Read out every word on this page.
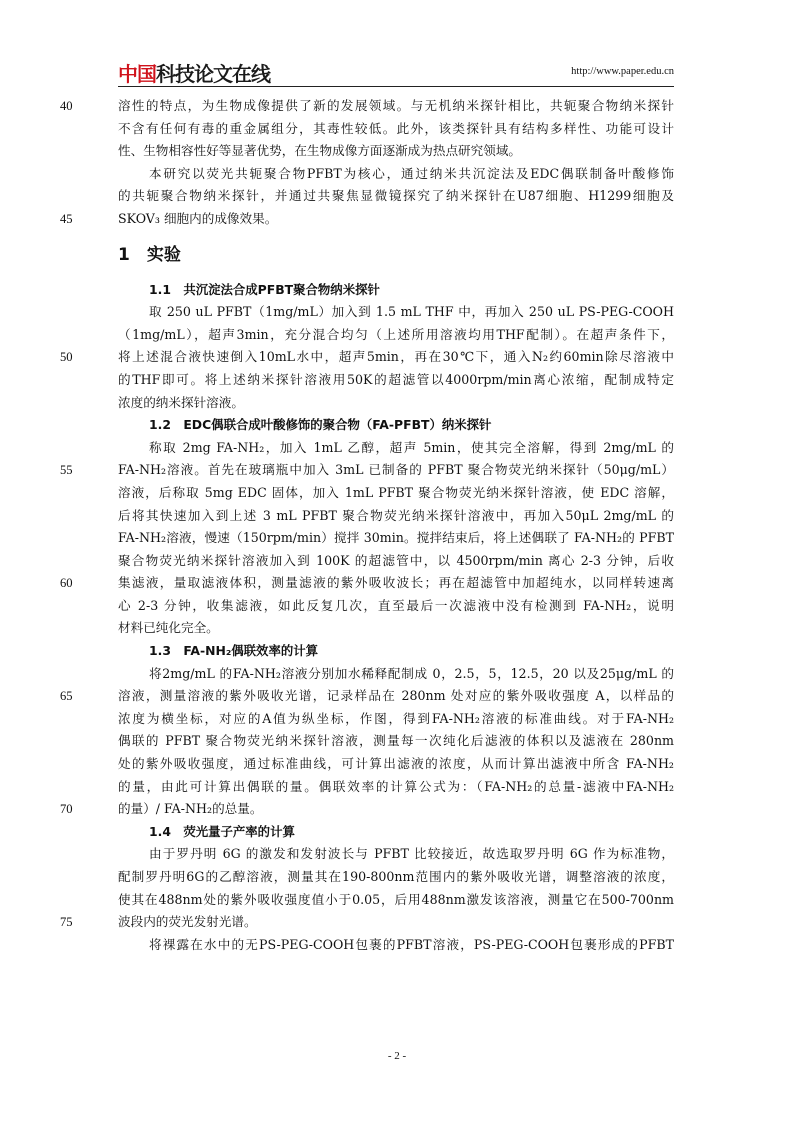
中国科技论文在线	http://www.paper.edu.cn
40	溶性的特点，为生物成像提供了新的发展领域。与无机纳米探针相比，共轭聚合物纳米探针
不含有任何有毒的重金属组分，其毒性较低。此外，该类探针具有结构多样性、功能可设计
性、生物相容性好等显著优势，在生物成像方面逐渐成为热点研究领域。
本研究以荧光共轭聚合物PFBT为核心，通过纳米共沉淀法及EDC偶联制备叶酸修饰
的共轭聚合物纳米探针，并通过共聚焦显微镜探究了纳米探针在U87细胞、H1299细胞及
45	SKOV₃ 细胞内的成像效果。
1　实验
1.1　共沉淀法合成PFBT聚合物纳米探针
取 250 uL PFBT（1mg/mL）加入到 1.5 mL THF 中，再加入 250 uL PS-PEG-COOH
（1mg/mL），超声3min，充分混合均匀（上述所用溶液均用THF配制）。在超声条件下，
50	将上述混合液快速倒入10mL水中，超声5min，再在30℃下，通入N₂约60min除尽溶液中
的THF即可。将上述纳米探针溶液用50K的超滤管以4000rpm/min离心浓缩，配制成特定
浓度的纳米探针溶液。
1.2　EDC偶联合成叶酸修饰的聚合物（FA-PFBT）纳米探针
称取 2mg FA-NH₂，加入 1mL 乙醇，超声 5min，使其完全溶解，得到 2mg/mL 的
55	FA-NH₂溶液。首先在玻璃瓶中加入 3mL 已制备的 PFBT 聚合物荧光纳米探针（50μg/mL）
溶液，后称取 5mg EDC 固体，加入 1mL PFBT 聚合物荧光纳米探针溶液，使 EDC 溶解，
后将其快速加入到上述 3 mL PFBT 聚合物荧光纳米探针溶液中，再加入50μL 2mg/mL 的
FA-NH₂溶液，慢速（150rpm/min）搅拌 30min。搅拌结束后，将上述偶联了 FA-NH₂的 PFBT
聚合物荧光纳米探针溶液加入到 100K 的超滤管中，以 4500rpm/min 离心 2-3 分钟，后收
60	集滤液，量取滤液体积，测量滤液的紫外吸收波长；再在超滤管中加超纯水，以同样转速离
心 2-3 分钟，收集滤液，如此反复几次，直至最后一次滤液中没有检测到 FA-NH₂，说明
材料已纯化完全。
1.3　FA-NH₂偶联效率的计算
将2mg/mL 的FA-NH₂溶液分别加水稀释配制成 0，2.5，5，12.5，20 以及25μg/mL 的
65	溶液，测量溶液的紫外吸收光谱，记录样品在 280nm 处对应的紫外吸收强度 A，以样品的
浓度为横坐标，对应的A值为纵坐标，作图，得到FA-NH₂溶液的标准曲线。对于FA-NH₂
偶联的 PFBT 聚合物荧光纳米探针溶液，测量每一次纯化后滤液的体积以及滤液在 280nm
处的紫外吸收强度，通过标准曲线，可计算出滤液的浓度，从而计算出滤液中所含 FA-NH₂
的量，由此可计算出偶联的量。偶联效率的计算公式为：（FA-NH₂的总量-滤液中FA-NH₂
70	的量）/ FA-NH₂的总量。
1.4　荧光量子产率的计算
由于罗丹明 6G 的激发和发射波长与 PFBT 比较接近，故选取罗丹明 6G 作为标准物，
配制罗丹明6G的乙醇溶液，测量其在190-800nm范围内的紫外吸收光谱，调整溶液的浓度，
使其在488nm处的紫外吸收强度值小于0.05，后用488nm激发该溶液，测量它在500-700nm
75	波段内的荧光发射光谱。
将裸露在水中的无PS-PEG-COOH包裹的PFBT溶液，PS-PEG-COOH包裹形成的PFBT
- 2 -
